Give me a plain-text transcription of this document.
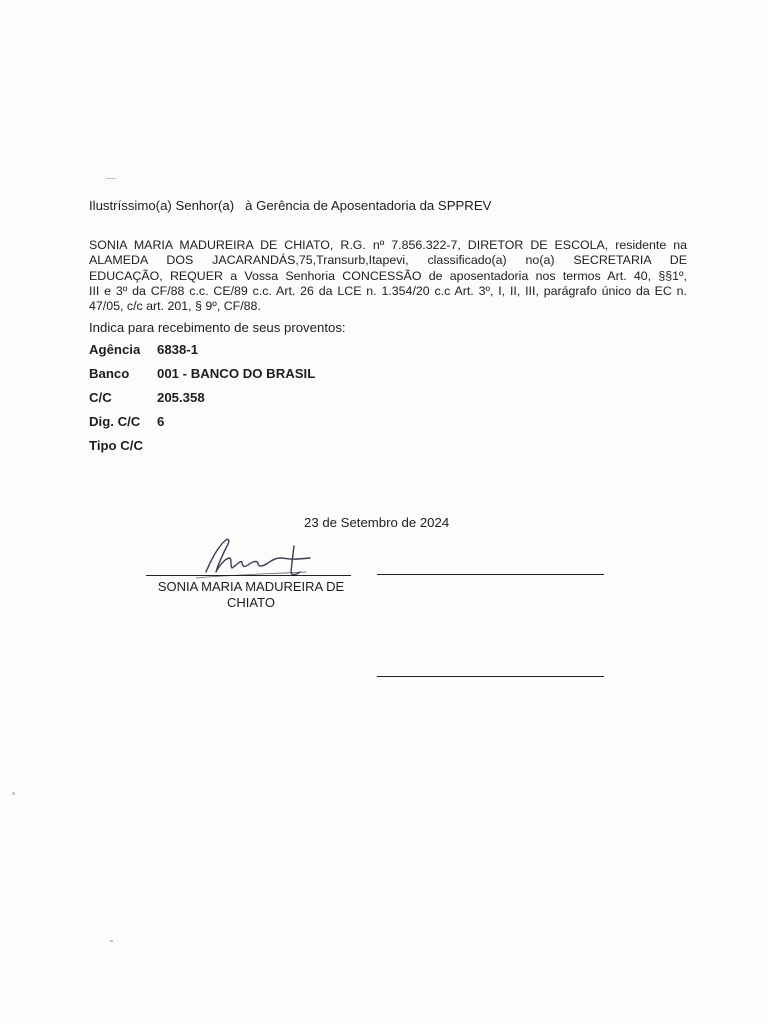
Ilustríssimo(a) Senhor(a)   à Gerência de Aposentadoria da SPPREV
SONIA MARIA MADUREIRA DE CHIATO, R.G. nº 7.856.322-7, DIRETOR DE ESCOLA, residente na
ALAMEDA DOS JACARANDÁS,75,Transurb,Itapevi, classificado(a) no(a) SECRETARIA DE
EDUCAÇÃO, REQUER a Vossa Senhoria CONCESSÃO de aposentadoria nos termos Art. 40, §§1º,
III e 3º da CF/88 c.c. CE/89 c.c. Art. 26 da LCE n. 1.354/20 c.c Art. 3º, I, II, III, parágrafo único da EC n.
47/05, c/c art. 201, § 9º, CF/88.
Indica para recebimento de seus proventos:
Agência	6838-1
Banco	001 - BANCO DO BRASIL
C/C	205.358
Dig. C/C	6
Tipo C/C
23 de Setembro de 2024
SONIA MARIA MADUREIRA DE
CHIATO
